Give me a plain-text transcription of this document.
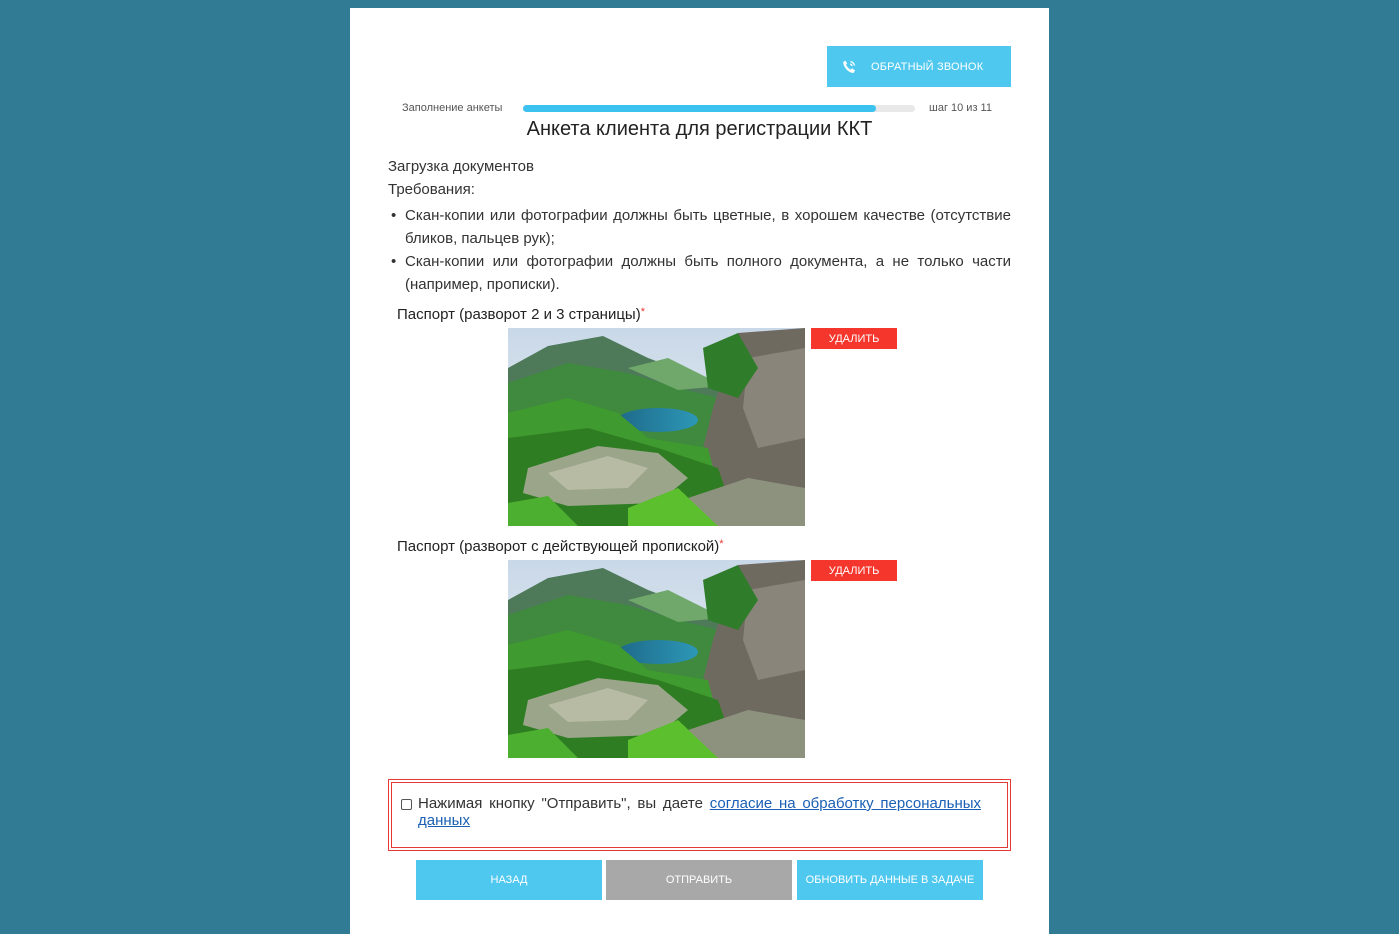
ОБРАТНЫЙ ЗВОНОК
Заполнение анкеты	шаг 10 из 11
Анкета клиента для регистрации ККТ
Загрузка документов
Требования:
• Скан-копии или фотографии должны быть цветные, в хорошем качестве (отсутствие бликов, пальцев рук);
• Скан-копии или фотографии должны быть полного документа, а не только части (например, прописки).
Паспорт (разворот 2 и 3 страницы)*
УДАЛИТЬ
Паспорт (разворот с действующей пропиской)*
УДАЛИТЬ
Нажимая кнопку "Отправить", вы даете согласие на обработку персональных данных
НАЗАД	ОТПРАВИТЬ	ОБНОВИТЬ ДАННЫЕ В ЗАДАЧЕ
